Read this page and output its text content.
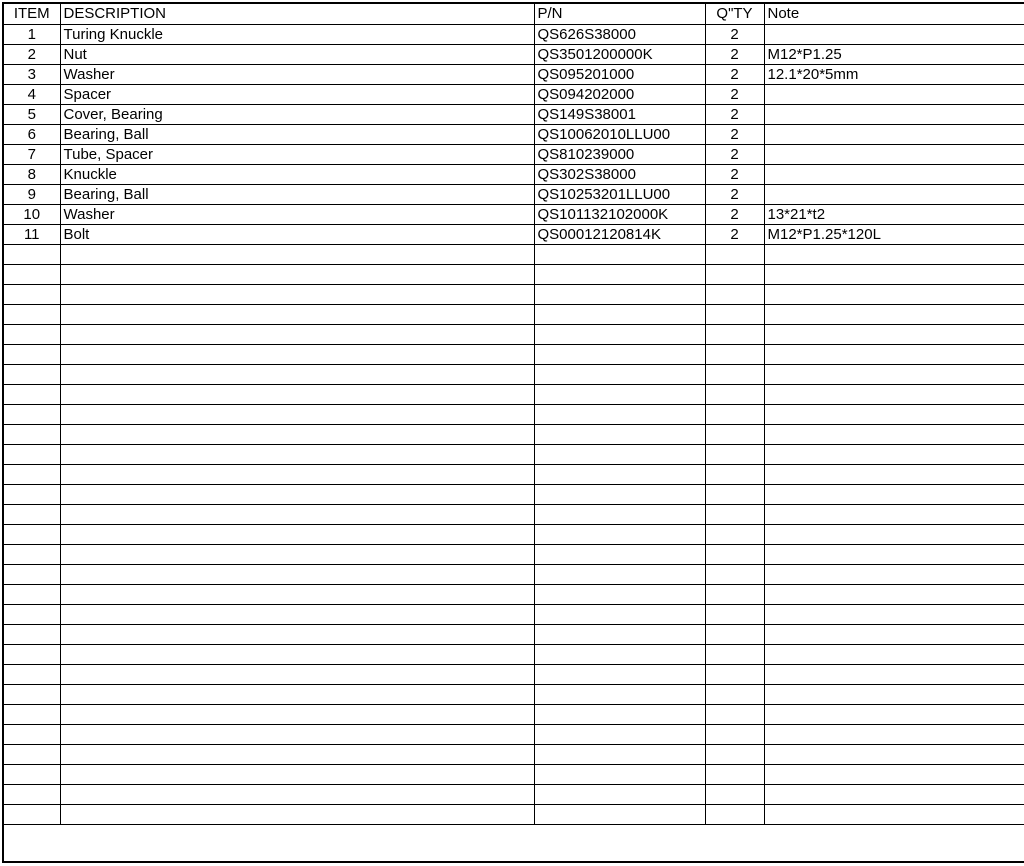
ITEM	DESCRIPTION	P/N	Q"TY	Note
1	Turing Knuckle	QS626S38000	2	
2	Nut	QS3501200000K	2	M12*P1.25
3	Washer	QS095201000	2	12.1*20*5mm
4	Spacer	QS094202000	2	
5	Cover, Bearing	QS149S38001	2	
6	Bearing, Ball	QS10062010LLU00	2	
7	Tube, Spacer	QS810239000	2	
8	Knuckle	QS302S38000	2	
9	Bearing, Ball	QS10253201LLU00	2	
10	Washer	QS101132102000K	2	13*21*t2
11	Bolt	QS00012120814K	2	M12*P1.25*120L
